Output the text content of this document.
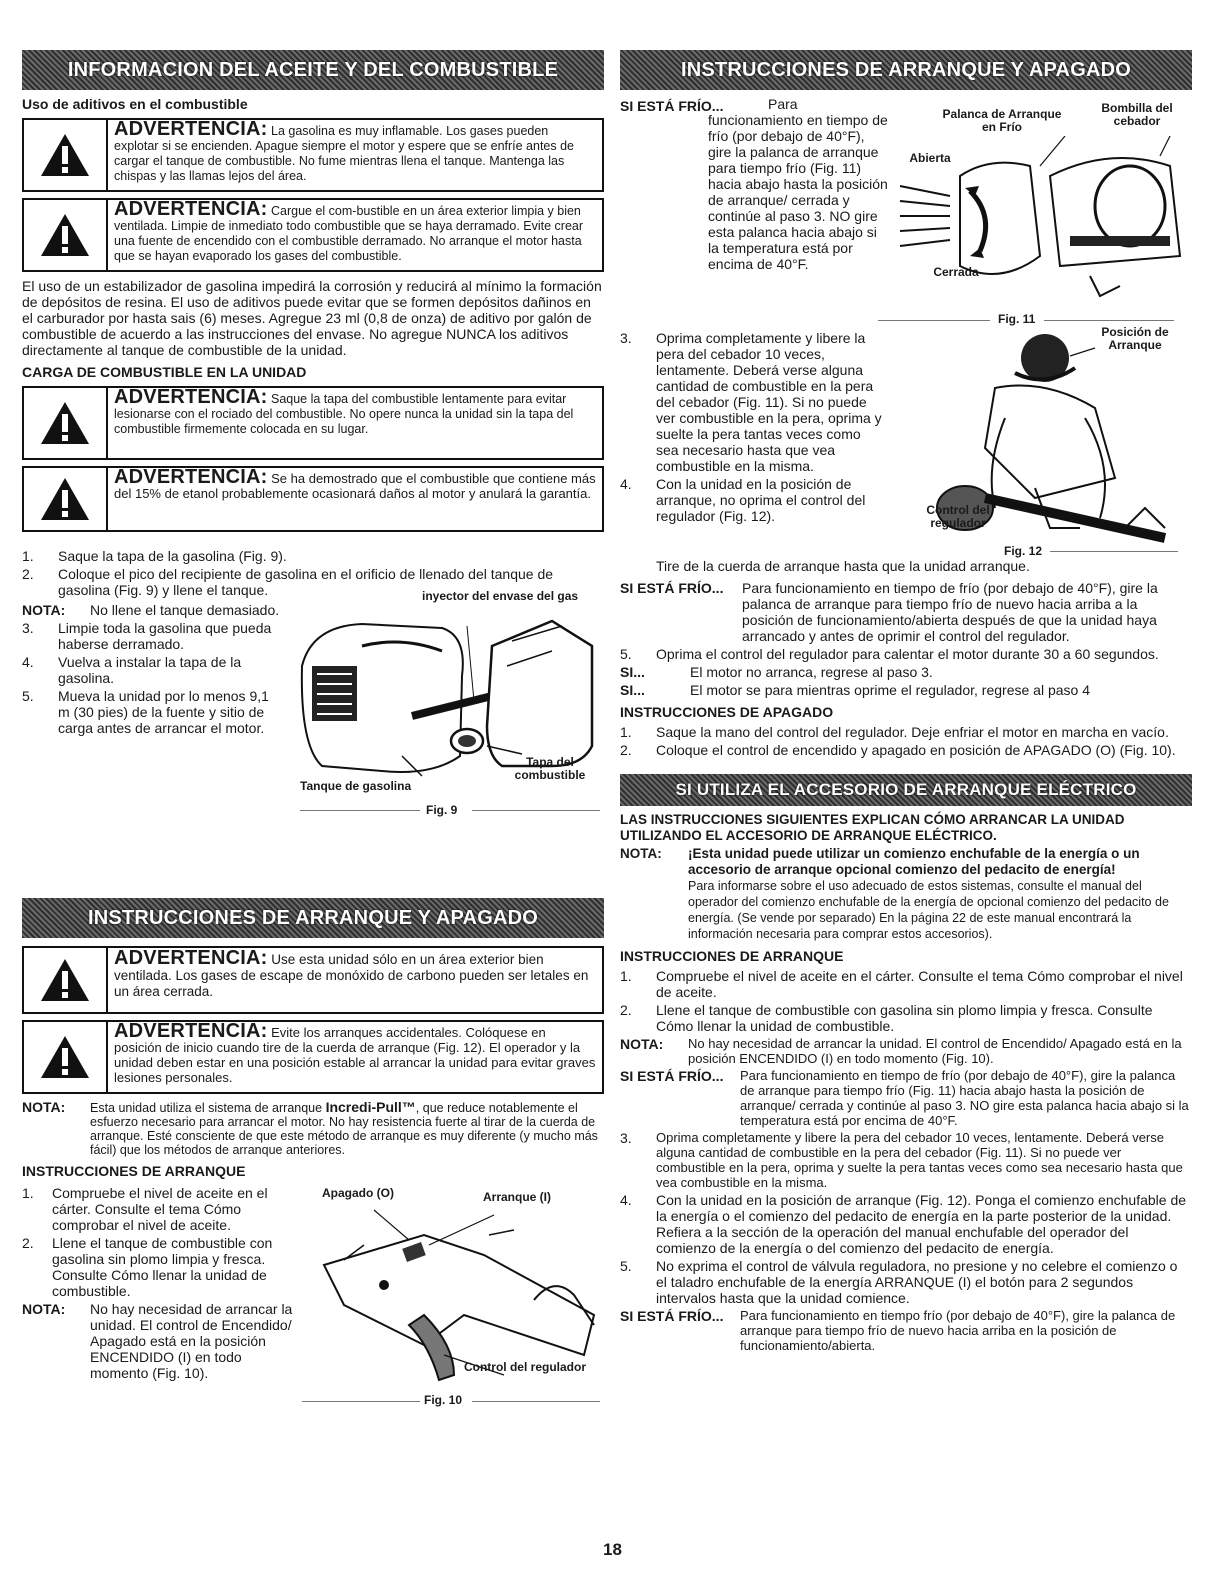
INFORMACION DEL ACEITE Y DEL COMBUSTIBLE
Uso de aditivos en el combustible
ADVERTENCIA: La gasolina es muy inflamable. Los gases pueden explotar si se encienden. Apague siempre el motor y espere que se enfríe antes de cargar el tanque de combustible. No fume mientras llena el tanque. Mantenga las chispas y las llamas lejos del área.
ADVERTENCIA: Cargue el com-bustible en un área exterior limpia y bien ventilada. Limpie de inmediato todo combustible que se haya derramado. Evite crear una fuente de encendido con el combustible derramado. No arranque el motor hasta que se hayan evaporado los gases del combustible.

El uso de un estabilizador de gasolina impedirá la corrosión y reducirá al mínimo la formación de depósitos de resina. El uso de aditivos puede evitar que se formen depósitos dañinos en el carburador por hasta sais (6) meses. Agregue 23 ml (0,8 de onza) de aditivo por galón de combustible de acuerdo a las instrucciones del envase. No agregue NUNCA los aditivos directamente al tanque de combustible de la unidad.

CARGA DE COMBUSTIBLE EN LA UNIDAD
ADVERTENCIA: Saque la tapa del combustible lentamente para evitar lesionarse con el rociado del combustible. No opere nunca la unidad sin la tapa del combustible firmemente colocada en su lugar.
ADVERTENCIA: Se ha demostrado que el combustible que contiene más del 15% de etanol probablemente ocasionará daños al motor y anulará la garantía.
1.	Saque la tapa de la gasolina (Fig. 9).
2.	Coloque el pico del recipiente de gasolina en el orificio de llenado del tanque de gasolina (Fig. 9) y llene el tanque.
NOTA:	No llene el tanque demasiado.
3.	Limpie toda la gasolina que pueda haberse derramado.
4.	Vuelva a instalar la tapa de la gasolina.
5.	Mueva la unidad por lo menos 9,1 m (30 pies) de la fuente y sitio de carga antes de arrancar el motor.
inyector del envase del gas
Tapa del combustible
Tanque de gasolina
Fig. 9
INSTRUCCIONES DE ARRANQUE Y APAGADO
ADVERTENCIA: Use esta unidad sólo en un área exterior bien ventilada. Los gases de escape de monóxido de carbono pueden ser letales en un área cerrada.
ADVERTENCIA: Evite los arranques accidentales. Colóquese en posición de inicio cuando tire de la cuerda de arranque (Fig. 12). El operador y la unidad deben estar en una posición estable al arrancar la unidad para evitar graves lesiones personales.
NOTA:	Esta unidad utiliza el sistema de arranque Incredi-Pull™, que reduce notablemente el esfuerzo necesario para arrancar el motor. No hay resistencia fuerte al tirar de la cuerda de arranque. Esté consciente de que este método de arranque es muy diferente (y mucho más fácil) que los métodos de arranque anteriores.
INSTRUCCIONES DE ARRANQUE
1.	Compruebe el nivel de aceite en el cárter. Consulte el tema Cómo comprobar el nivel de aceite.
2.	Llene el tanque de combustible con gasolina sin plomo limpia y fresca. Consulte Cómo llenar la unidad de combustible.
NOTA:	No hay necesidad de arrancar la unidad. El control de Encendido/ Apagado está en la posición ENCENDIDO (I) en todo momento (Fig. 10).
Apagado (O)	Arranque (I)
Control del regulador
Fig. 10
INSTRUCCIONES DE ARRANQUE Y APAGADO
SI ESTÁ FRÍO...	Para funcionamiento en tiempo de frío (por debajo de 40°F), gire la palanca de arranque para tiempo frío (Fig. 11) hacia abajo hasta la posición de arranque/ cerrada y continúe al paso 3. NO gire esta palanca hacia abajo si la temperatura está por encima de 40°F.
Palanca de Arranque en Frío
Bombilla del cebador
Abierta
Cerrada
Fig. 11
3.	Oprima completamente y libere la pera del cebador 10 veces, lentamente. Deberá verse alguna cantidad de combustible en la pera del cebador (Fig. 11). Si no puede ver combustible en la pera, oprima y suelte la pera tantas veces como sea necesario hasta que vea combustible en la misma.
4.	Con la unidad en la posición de arranque, no oprima el control del regulador (Fig. 12).
Posición de Arranque
Control del regulador
Fig. 12

Tire de la cuerda de arranque hasta que la unidad arranque.

SI ESTÁ FRÍO...	Para funcionamiento en tiempo de frío (por debajo de 40°F), gire la palanca de arranque para tiempo frío de nuevo hacia arriba a la posición de funcionamiento/abierta después de que la unidad haya arrancado y antes de oprimir el control del regulador.
5.	Oprima el control del regulador para calentar el motor durante 30 a 60 segundos.
SI...	El motor no arranca, regrese al paso 3.
SI...	El motor se para mientras oprime el regulador, regrese al paso 4
INSTRUCCIONES DE APAGADO
1.	Saque la mano del control del regulador. Deje enfriar el motor en marcha en vacío.
2.	Coloque el control de encendido y apagado en posición de APAGADO (O) (Fig. 10).
SI UTILIZA EL ACCESORIO DE ARRANQUE ELÉCTRICO

LAS INSTRUCCIONES SIGUIENTES EXPLICAN CÓMO ARRANCAR LA UNIDAD UTILIZANDO EL ACCESORIO DE ARRANQUE ELÉCTRICO.

NOTA:	¡Esta unidad puede utilizar un comienzo enchufable de la energía o un accesorio de arranque opcional comienzo del pedacito de energía!
Para informarse sobre el uso adecuado de estos sistemas, consulte el manual del operador del comienzo enchufable de la energía de opcional comienzo del pedacito de energía. (Se vende por separado) En la página 22 de este manual encontrará la información necesaria para comprar estos accesorios).
INSTRUCCIONES DE ARRANQUE
1.	Compruebe el nivel de aceite en el cárter. Consulte el tema Cómo comprobar el nivel de aceite.
2.	Llene el tanque de combustible con gasolina sin plomo limpia y fresca. Consulte Cómo llenar la unidad de combustible.
NOTA:	No hay necesidad de arrancar la unidad. El control de Encendido/ Apagado está en la posición ENCENDIDO (I) en todo momento (Fig. 10).
SI ESTÁ FRÍO...	Para funcionamiento en tiempo de frío (por debajo de 40°F), gire la palanca de arranque para tiempo frío (Fig. 11) hacia abajo hasta la posición de arranque/ cerrada y continúe al paso 3. NO gire esta palanca hacia abajo si la temperatura está por encima de 40°F.
3.	Oprima completamente y libere la pera del cebador 10 veces, lentamente. Deberá verse alguna cantidad de combustible en la pera del cebador (Fig. 11). Si no puede ver combustible en la pera, oprima y suelte la pera tantas veces como sea necesario hasta que vea combustible en la misma.
4.	Con la unidad en la posición de arranque (Fig. 12). Ponga el comienzo enchufable de la energía o el comienzo del pedacito de energía en la parte posterior de la unidad. Refiera a la sección de la operación del manual enchufable del operador del comienzo de la energía o del comienzo del pedacito de energía.
5.	No exprima el control de válvula reguladora, no presione y no celebre el comienzo o el taladro enchufable de la energía ARRANQUE (I) el botón para 2 segundos intervalos hasta que la unidad comience.
SI ESTÁ FRÍO...	Para funcionamiento en tiempo frío (por debajo de 40°F), gire la palanca de arranque para tiempo frío de nuevo hacia arriba en la posición de funcionamiento/abierta.
18
